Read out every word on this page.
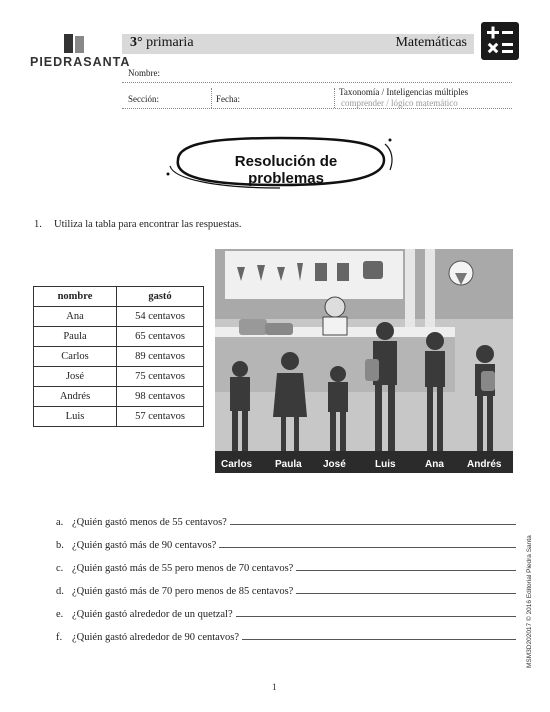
PIEDRASANTA
3° primaria	Matemáticas
Nombre:
Sección:	Fecha:
Taxonomía / Inteligencias múltiples
comprender / lógico matemático
Resolución de problemas
1. Utiliza la tabla para encontrar las respuestas.
nombre	gastó
Ana	54 centavos
Paula	65 centavos
Carlos	89 centavos
José	75 centavos
Andrés	98 centavos
Luis	57 centavos
Carlos Paula José	Luis	Ana Andrés
a. ¿Quién gastó menos de 55 centavos?
b. ¿Quién gastó más de 90 centavos?
c. ¿Quién gastó más de 55 pero menos de 70 centavos?
d. ¿Quién gastó más de 70 pero menos de 85 centavos?
e. ¿Quién gastó alrededor de un quetzal?
f. ¿Quién gastó alrededor de 90 centavos?	MSM3D202017 © 2016 Editorial Piedra Santa
1
